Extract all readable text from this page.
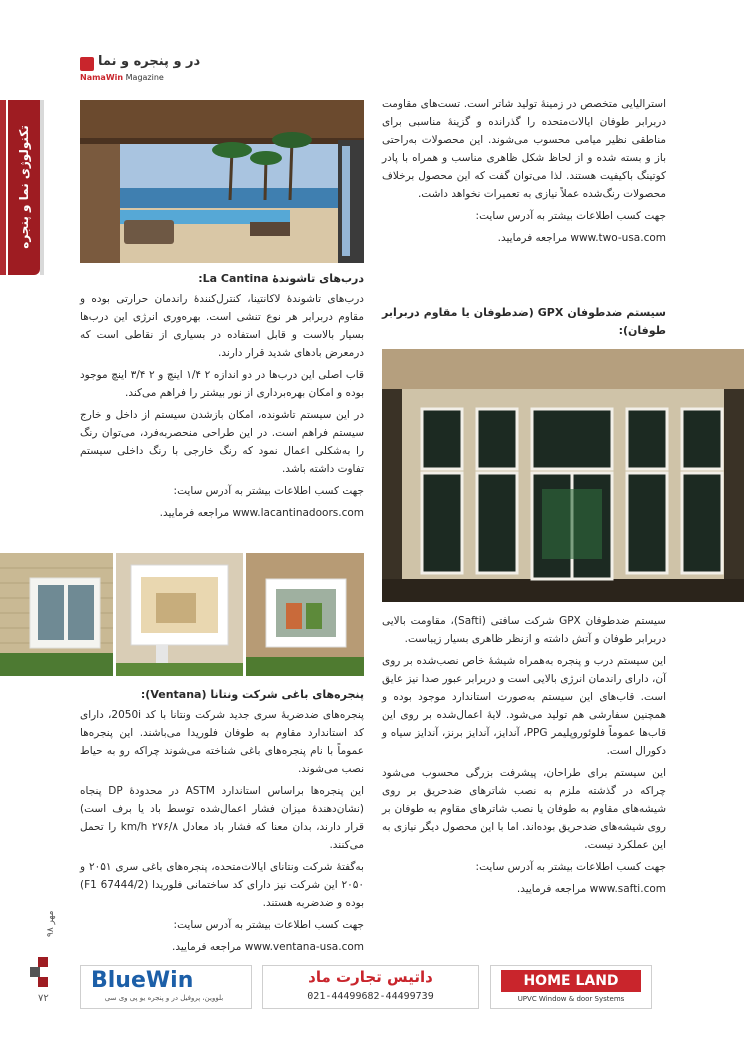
در و پنجره و نما
NamaWin Magazine
تکنولوژی نما و پنجره

استرالیایی متخصص در زمینهٔ تولید شاتر است. تست‌های مقاومت دربرابر طوفان ایالات‌متحده را گذرانده و گزینهٔ مناسبی برای مناطقی نظیر میامی محسوب می‌شوند. این محصولات به‌راحتی باز و بسته شده و از لحاظ شکل ظاهری مناسب و همراه با پادر کوتینگ باکیفیت هستند. لذا می‌توان گفت که این محصول برخلاف محصولات رنگ‌شده عملاً نیازی به تعمیرات نخواهد داشت.

جهت کسب اطلاعات بیشتر به آدرس سایت:

www.two-usa.com مراجعه فرمایید.

سیستم ضدطوفان GPX (ضدطوفان یا مقاوم دربرابر طوفان):

سیستم ضدطوفان GPX شرکت سافتی (Safti)، مقاومت بالایی دربرابر طوفان و آتش داشته و ازنظر ظاهری بسیار زیباست.

این سیستم درب و پنجره به‌همراه شیشهٔ خاص نصب‌شده بر روی آن، دارای راندمان انرژی بالایی است و دربرابر عبور صدا نیز عایق است. قاب‌های این سیستم به‌صورت استاندارد موجود بوده و همچنین سفارشی هم تولید می‌شود. لایهٔ اعمال‌شده بر روی این قاب‌ها عموماً فلوئوروپلیمر PPG، آندایز، آندایز برنز، آندایز سیاه و دکورال است.

این سیستم برای طراحان، پیشرفت بزرگی محسوب می‌شود چراکه در گذشته ملزم به نصب شاترهای ضدحریق بر روی شیشه‌های مقاوم به طوفان یا نصب شاترهای مقاوم به طوفان بر روی شیشه‌های ضدحریق بوده‌اند. اما با این محصول دیگر نیازی به این عملکرد نیست.

جهت کسب اطلاعات بیشتر به آدرس سایت:

www.safti.com مراجعه فرمایید.

درب‌های تاشوندهٔ La Cantina:

درب‌های تاشوندهٔ لاکانتینا، کنترل‌کنندهٔ راندمان حرارتی بوده و مقاوم دربرابر هر نوع تنشی است. بهره‌وری انرژی این درب‌ها بسیار بالاست و قابل استفاده در بسیاری از نقاطی است که درمعرض بادهای شدید قرار دارند.

قاب اصلی این درب‌ها در دو اندازه ۲ ۱/۴ اینچ و ۲ ۳/۴ اینچ موجود بوده و امکان بهره‌برداری از نور بیشتر را فراهم می‌کند.

در این سیستم تاشونده، امکان بازشدن سیستم از داخل و خارج سیستم فراهم است. در این طراحی منحصربه‌فرد، می‌توان رنگ را به‌شکلی اعمال نمود که رنگ خارجی با رنگ داخلی سیستم تفاوت داشته باشد.

جهت کسب اطلاعات بیشتر به آدرس سایت:

www.lacantinadoors.com مراجعه فرمایید.

پنجره‌های باغی شرکت ونتانا (Ventana):

پنجره‌های ضدضربهٔ سری جدید شرکت ونتانا با کد 2050i، دارای کد استاندارد مقاوم به طوفان فلوریدا می‌باشند. این پنجره‌ها عموماً با نام پنجره‌های باغی شناخته می‌شوند چراکه رو به حیاط نصب می‌شوند.

این پنجره‌ها براساس استاندارد ASTM در محدودهٔ DP پنجاه (نشان‌دهندهٔ میزان فشار اعمال‌شده توسط باد یا برف است) قرار دارند، بدان معنا که فشار باد معادل ۲۷۶/۸ km/h را تحمل می‌کنند.

به‌گفتهٔ شرکت ونتانای ایالات‌متحده، پنجره‌های باغی سری ۲۰۵۱ و ۲۰۵۰ این شرکت نیز دارای کد ساختمانی فلوریدا (F1 67444/2) بوده و ضدضربه هستند.

جهت کسب اطلاعات بیشتر به آدرس سایت:

www.ventana-usa.com مراجعه فرمایید.

مهر ۹۸
۷۲
BlueWin
بلووین، پروفیل در و پنجره یو پی وی سی
داتیس تجارت ماد
021-44499682-44499739
HOME LAND
UPVC Window & door Systems
